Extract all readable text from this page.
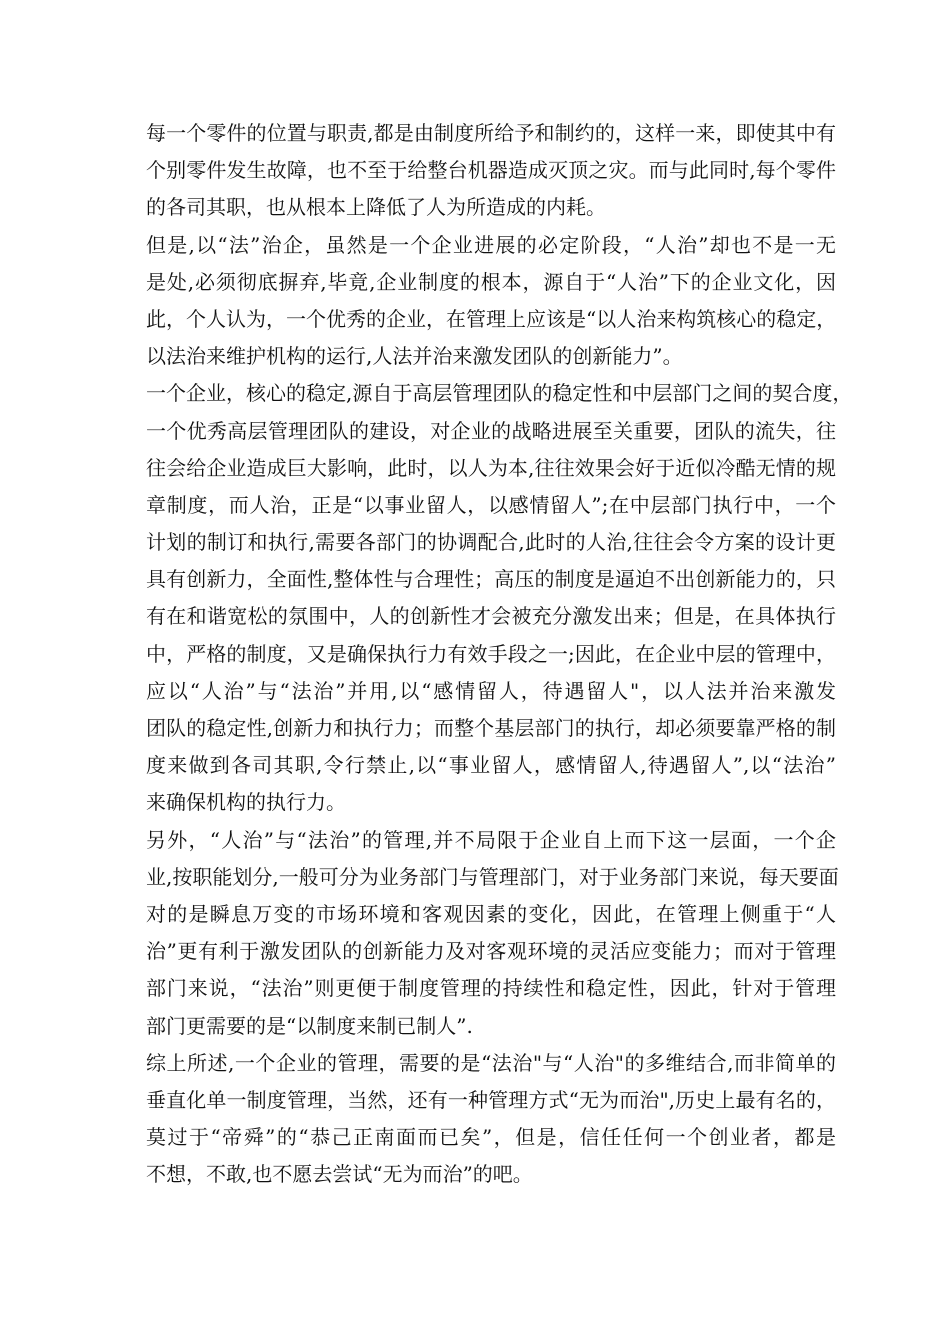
每一个零件的位置与职责,都是由制度所给予和制约的，这样一来，即使其中有
个别零件发生故障，也不至于给整台机器造成灭顶之灾。而与此同时,每个零件
的各司其职，也从根本上降低了人为所造成的内耗。
但是,以“法”治企，虽然是一个企业进展的必定阶段，“人治”却也不是一无
是处,必须彻底摒弃,毕竟,企业制度的根本，源自于“人治”下的企业文化，因
此，个人认为，一个优秀的企业，在管理上应该是“以人治来构筑核心的稳定，
以法治来维护机构的运行,人法并治来激发团队的创新能力”。
一个企业，核心的稳定,源自于高层管理团队的稳定性和中层部门之间的契合度，
一个优秀高层管理团队的建设，对企业的战略进展至关重要，团队的流失，往
往会给企业造成巨大影响，此时，以人为本,往往效果会好于近似冷酷无情的规
章制度，而人治，正是“以事业留人，以感情留人”;在中层部门执行中，一个
计划的制订和执行,需要各部门的协调配合,此时的人治,往往会令方案的设计更
具有创新力，全面性,整体性与合理性；高压的制度是逼迫不出创新能力的，只
有在和谐宽松的氛围中，人的创新性才会被充分激发出来；但是，在具体执行
中，严格的制度，又是确保执行力有效手段之一;因此，在企业中层的管理中，
应以“人治”与“法治”并用,以“感情留人，待遇留人"，以人法并治来激发
团队的稳定性,创新力和执行力；而整个基层部门的执行，却必须要靠严格的制
度来做到各司其职,令行禁止,以“事业留人，感情留人,待遇留人”,以“法治”
来确保机构的执行力。
另外，“人治”与“法治”的管理,并不局限于企业自上而下这一层面，一个企
业,按职能划分,一般可分为业务部门与管理部门，对于业务部门来说，每天要面
对的是瞬息万变的市场环境和客观因素的变化，因此，在管理上侧重于“人
治”更有利于激发团队的创新能力及对客观环境的灵活应变能力；而对于管理
部门来说，“法治”则更便于制度管理的持续性和稳定性，因此，针对于管理
部门更需要的是“以制度来制已制人”.
综上所述,一个企业的管理，需要的是“法治"与“人治"的多维结合,而非简单的
垂直化单一制度管理，当然，还有一种管理方式“无为而治",历史上最有名的，
莫过于“帝舜”的“恭己正南面而已矣”，但是，信任任何一个创业者，都是
不想，不敢,也不愿去尝试“无为而治”的吧。
